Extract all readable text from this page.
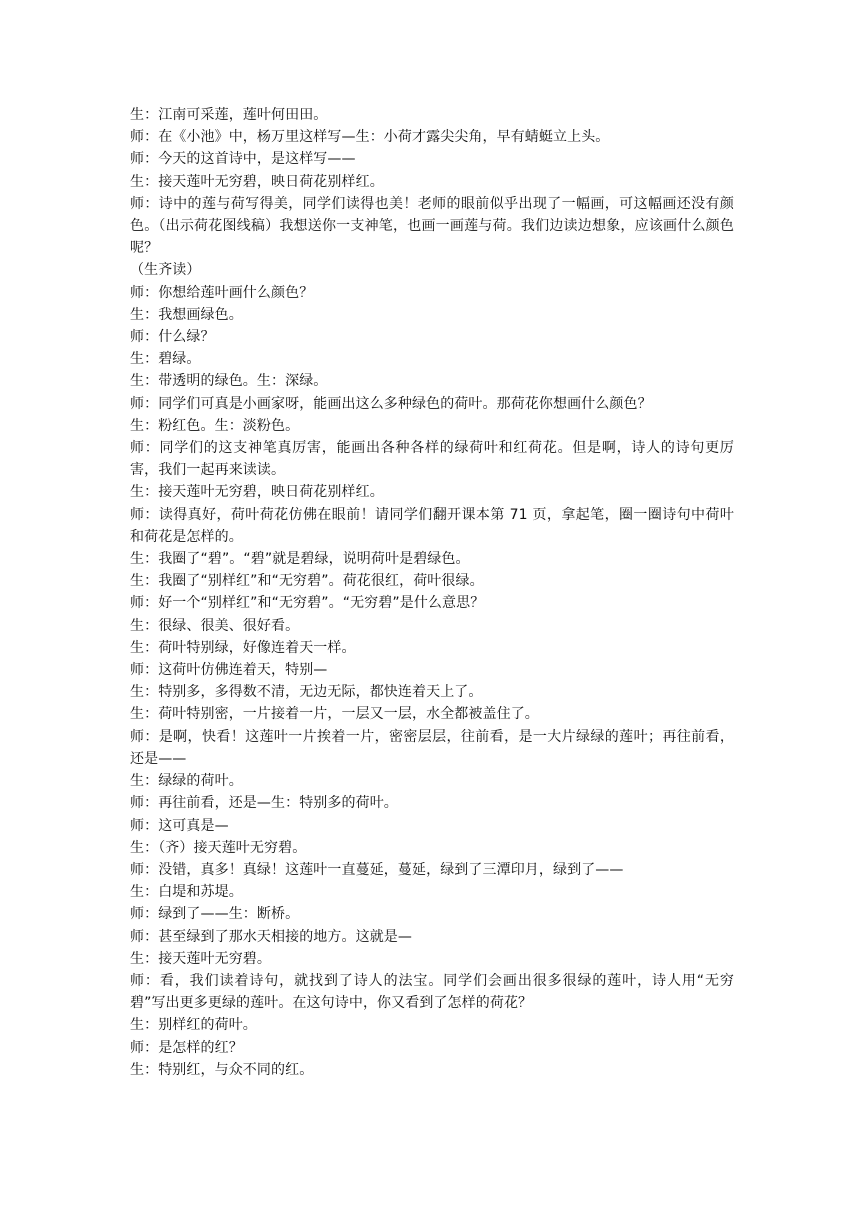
生：江南可采莲，莲叶何田田。

师：在《小池》中，杨万里这样写—生：小荷才露尖尖角，早有蜻蜓立上头。

师：今天的这首诗中，是这样写——

生：接天莲叶无穷碧，映日荷花别样红。

师：诗中的莲与荷写得美，同学们读得也美！老师的眼前似乎出现了一幅画，可这幅画还没有颜色。（出示荷花图线稿）我想送你一支神笔，也画一画莲与荷。我们边读边想象，应该画什么颜色呢？

（生齐读）

师：你想给莲叶画什么颜色？

生：我想画绿色。

师：什么绿？

生：碧绿。

生：带透明的绿色。生：深绿。

师：同学们可真是小画家呀，能画出这么多种绿色的荷叶。那荷花你想画什么颜色？

生：粉红色。生：淡粉色。

师：同学们的这支神笔真厉害，能画出各种各样的绿荷叶和红荷花。但是啊，诗人的诗句更厉害，我们一起再来读读。

生：接天莲叶无穷碧，映日荷花别样红。

师：读得真好，荷叶荷花仿佛在眼前！请同学们翻开课本第 71 页，拿起笔，圈一圈诗句中荷叶和荷花是怎样的。

生：我圈了“碧”。“碧”就是碧绿，说明荷叶是碧绿色。

生：我圈了“别样红”和“无穷碧”。荷花很红，荷叶很绿。

师：好一个“别样红”和“无穷碧”。“无穷碧”是什么意思？

生：很绿、很美、很好看。

生：荷叶特别绿，好像连着天一样。

师：这荷叶仿佛连着天，特别—

生：特别多，多得数不清，无边无际，都快连着天上了。

生：荷叶特别密，一片接着一片，一层又一层，水全都被盖住了。

师：是啊，快看！这莲叶一片挨着一片，密密层层，往前看，是一大片绿绿的莲叶；再往前看，还是——

生：绿绿的荷叶。

师：再往前看，还是—生：特别多的荷叶。

师：这可真是—

生：（齐）接天莲叶无穷碧。

师：没错，真多！真绿！这莲叶一直蔓延，蔓延，绿到了三潭印月，绿到了——

生：白堤和苏堤。

师：绿到了——生：断桥。

师：甚至绿到了那水天相接的地方。这就是—

生：接天莲叶无穷碧。

师：看，我们读着诗句，就找到了诗人的法宝。同学们会画出很多很绿的莲叶，诗人用“无穷碧”写出更多更绿的莲叶。在这句诗中，你又看到了怎样的荷花？

生：别样红的荷叶。

师：是怎样的红？

生：特别红，与众不同的红。
